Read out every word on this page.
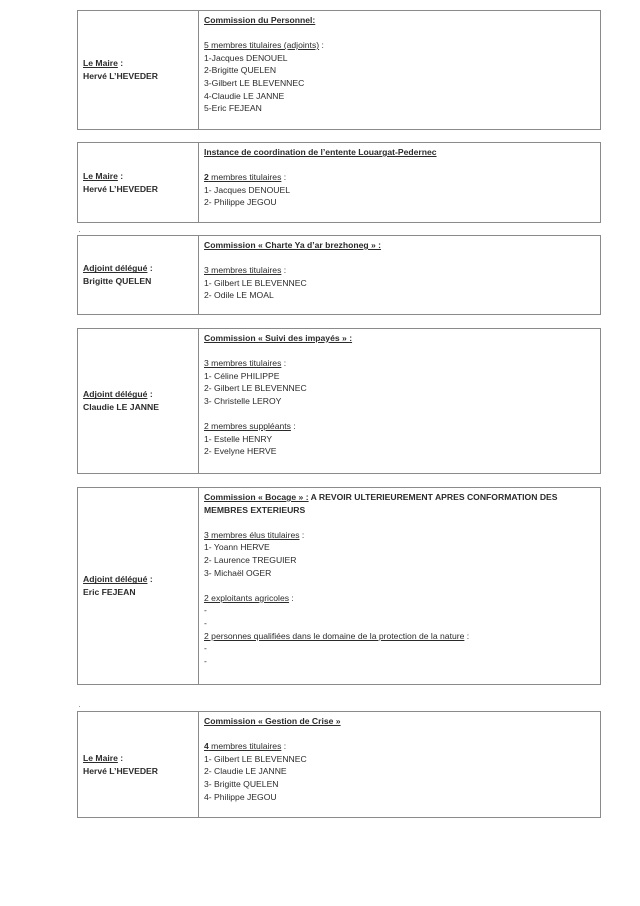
Le Maire :
Hervé L’HEVEDER
Commission du Personnel:
5 membres titulaires (adjoints) :
1-Jacques DENOUEL
2-Brigitte QUELEN
3-Gilbert LE BLEVENNEC
4-Claudie LE JANNE
5-Eric FEJEAN
Le Maire :
Hervé L’HEVEDER
Instance de coordination de l’entente Louargat-Pedernec
2 membres titulaires :
1- Jacques DENOUEL
2- Philippe JEGOU
Adjoint délégué :
Brigitte QUELEN
Commission « Charte Ya d’ar brezhoneg » :
3 membres titulaires :
1- Gilbert LE BLEVENNEC
2- Odile LE MOAL
Adjoint délégué :
Claudie LE JANNE
Commission « Suivi des impayés » :
3 membres titulaires :
1- Céline PHILIPPE
2- Gilbert LE BLEVENNEC
3- Christelle LEROY
2 membres suppléants :
1- Estelle HENRY
2- Evelyne HERVE
Adjoint délégué :
Eric FEJEAN
Commission « Bocage » : A REVOIR ULTERIEUREMENT APRES CONFORMATION DES
MEMBRES EXTERIEURS
3 membres élus titulaires :
1- Yoann HERVE
2- Laurence TREGUIER
3- Michaël OGER
2 exploitants agricoles :
-
-
2 personnes qualifiées dans le domaine de la protection de la nature :
-
-
Le Maire :
Hervé L’HEVEDER
Commission « Gestion de Crise »
4 membres titulaires :
1- Gilbert LE BLEVENNEC
2- Claudie LE JANNE
3- Brigitte QUELEN
4- Philippe JEGOU
